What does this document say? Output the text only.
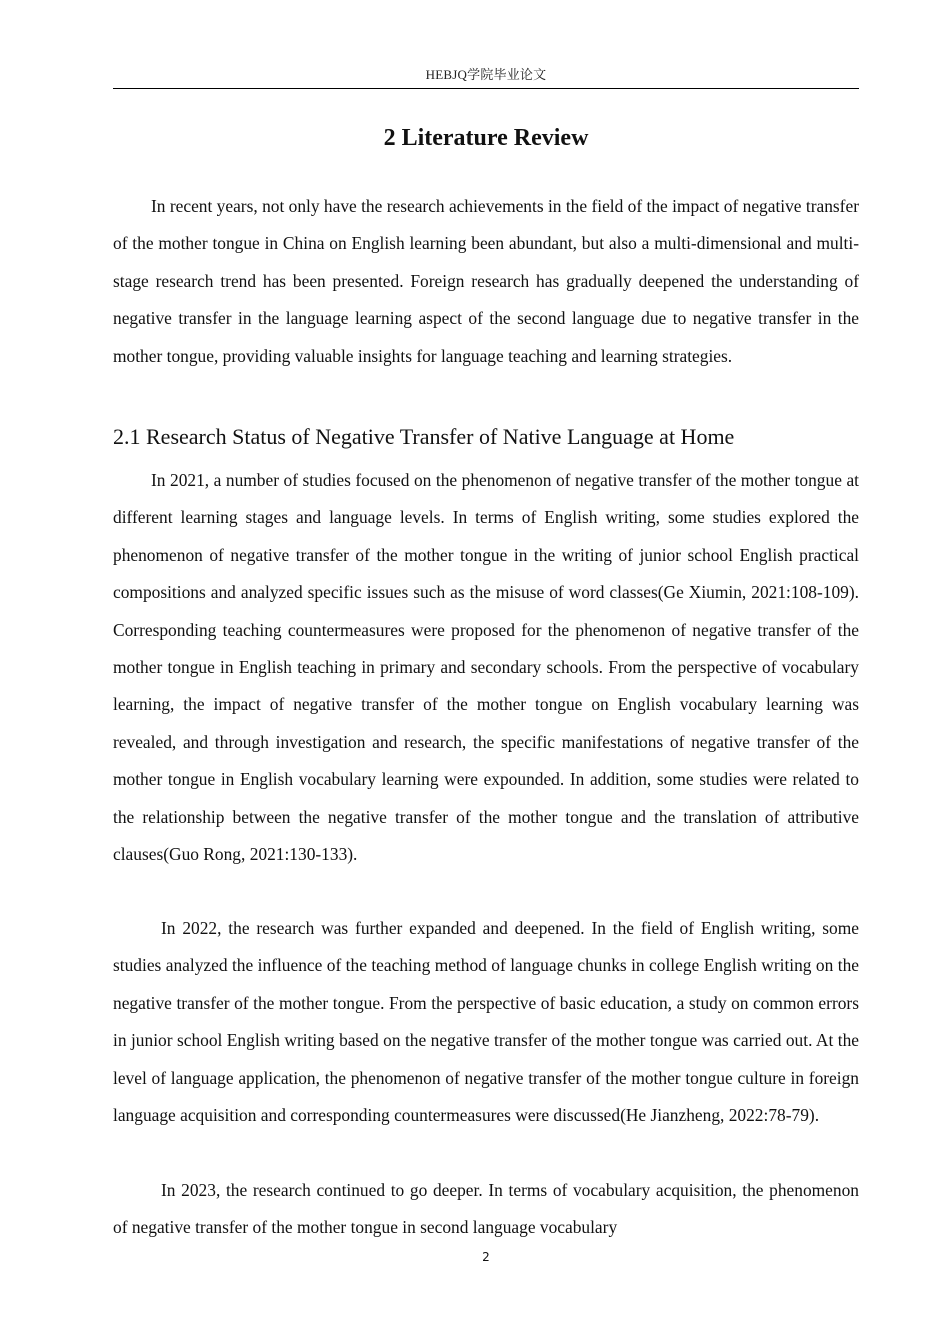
HEBJQ学院毕业论文
2 Literature Review

In recent years, not only have the research achievements in the field of the impact of negative transfer of the mother tongue in China on English learning been abundant, but also a multi-dimensional and multi-stage research trend has been presented. Foreign research has gradually deepened the understanding of negative transfer in the language learning aspect of the second language due to negative transfer in the mother tongue, providing valuable insights for language teaching and learning strategies.

2.1 Research Status of Negative Transfer of Native Language at Home

In 2021, a number of studies focused on the phenomenon of negative transfer of the mother tongue at different learning stages and language levels. In terms of English writing, some studies explored the phenomenon of negative transfer of the mother tongue in the writing of junior school English practical compositions and analyzed specific issues such as the misuse of word classes(Ge Xiumin, 2021:108-109). Corresponding teaching countermeasures were proposed for the phenomenon of negative transfer of the mother tongue in English teaching in primary and secondary schools. From the perspective of vocabulary learning, the impact of negative transfer of the mother tongue on English vocabulary learning was revealed, and through investigation and research, the specific manifestations of negative transfer of the mother tongue in English vocabulary learning were expounded. In addition, some studies were related to the relationship between the negative transfer of the mother tongue and the translation of attributive clauses(Guo Rong, 2021:130-133).

In 2022, the research was further expanded and deepened. In the field of English writing, some studies analyzed the influence of the teaching method of language chunks in college English writing on the negative transfer of the mother tongue. From the perspective of basic education, a study on common errors in junior school English writing based on the negative transfer of the mother tongue was carried out. At the level of language application, the phenomenon of negative transfer of the mother tongue culture in foreign language acquisition and corresponding countermeasures were discussed(He Jianzheng, 2022:78-79).

In 2023, the research continued to go deeper. In terms of vocabulary acquisition, the phenomenon of negative transfer of the mother tongue in second language vocabulary

2
